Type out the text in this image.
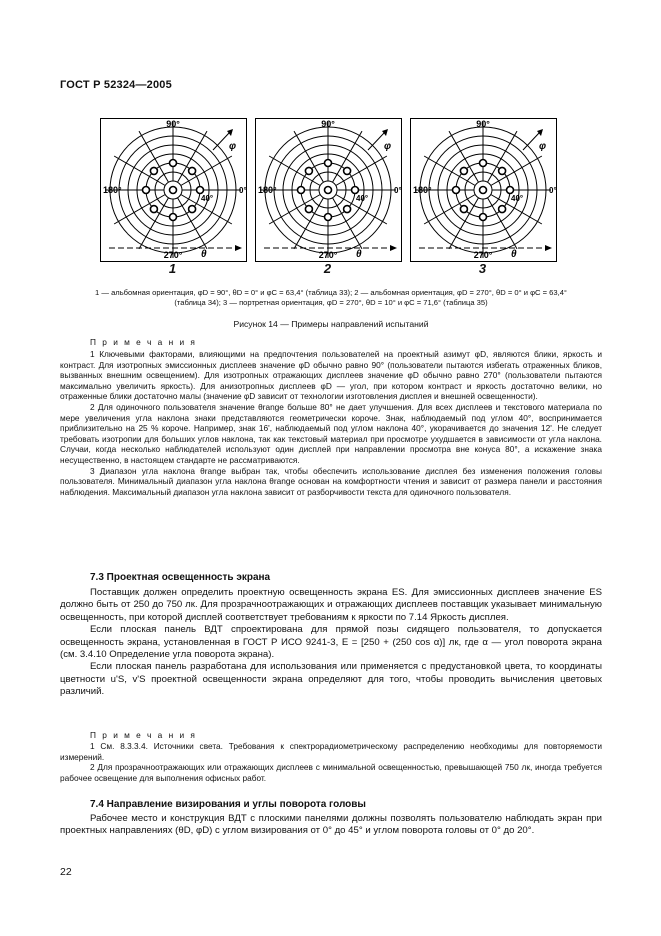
ГОСТ Р 52324—2005
90°
180°
270°
φ
θ
40°
0°
90°
180°
270°
φ
θ
40°
0°
90°
180°
270°
φ
θ
40°
0°
1	2	3
1 — альбомная ориентация, φD = 90°, θD = 0° и φC = 63,4° (таблица 33); 2 — альбомная ориентация, φD = 270°, θD = 0° и φC = 63,4°
(таблица 34); 3 — портретная ориентация, φD = 270°, θD = 10° и φC = 71,6° (таблица 35)
Рисунок 14 — Примеры направлений испытаний
П р и м е ч а н и я

1 Ключевыми факторами, влияющими на предпочтения пользователей на проектный азимут φD, являются блики, яркость и контраст. Для изотропных эмиссионных дисплеев значение φD обычно равно 90° (пользователи пытаются избегать отраженных бликов, вызванных внешним освещением). Для изотропных отражающих дисплеев значение φD обычно равно 270° (пользователи пытаются максимально увеличить яркость). Для анизотропных дисплеев φD — угол, при котором контраст и яркость достаточно велики, но отраженные блики достаточно малы (значение φD зависит от технологии изготовления дисплея и внешней освещенности).

2 Для одиночного пользователя значение θrange больше 80° не дает улучшения. Для всех дисплеев и текстового материала по мере увеличения угла наклона знаки представляются геометрически короче. Знак, наблюдаемый под углом 40°, воспринимается приблизительно на 25 % короче. Например, знак 16', наблюдаемый под углом наклона 40°, укорачивается до значения 12'. Не следует требовать изотропии для больших углов наклона, так как текстовый материал при просмотре ухудшается в зависимости от угла наклона. Случаи, когда несколько наблюдателей используют один дисплей при направлении просмотра вне конуса 80°, а искажение знака несущественно, в настоящем стандарте не рассматриваются.

3 Диапазон угла наклона θrange выбран так, чтобы обеспечить использование дисплея без изменения положения головы пользователя. Минимальный диапазон угла наклона θrange основан на комфортности чтения и зависит от размера панели и расстояния наблюдения. Максимальный диапазон угла наклона зависит от разборчивости текста для одиночного пользователя.

7.3 Проектная освещенность экрана

Поставщик должен определить проектную освещенность экрана ES. Для эмиссионных дисплеев значение ES должно быть от 250 до 750 лк. Для прозрачноотражающих и отражающих дисплеев поставщик указывает минимальную освещенность, при которой дисплей соответствует требованиям к яркости по 7.14 Яркость дисплея.

Если плоская панель ВДТ спроектирована для прямой позы сидящего пользователя, то допускается освещенность экрана, установленная в ГОСТ Р ИСО 9241-3, E = [250 + (250 cos α)] лк, где α — угол поворота экрана (см. 3.4.10 Определение угла поворота экрана).

Если плоская панель разработана для использования или применяется с предустановкой цвета, то координаты цветности u'S, v'S проектной освещенности экрана определяют для того, чтобы проводить вычисления цветовых различий.

П р и м е ч а н и я

1 См. 8.3.3.4. Источники света. Требования к спектрорадиометрическому распределению необходимы для повторяемости измерений.

2 Для прозрачноотражающих или отражающих дисплеев с минимальной освещенностью, превышающей 750 лк, иногда требуется рабочее освещение для выполнения офисных работ.

7.4 Направление визирования и углы поворота головы

Рабочее место и конструкция ВДТ с плоскими панелями должны позволять пользователю наблюдать экран при проектных направлениях (θD, φD) с углом визирования от 0° до 45° и углом поворота головы от 0° до 20°.

22
